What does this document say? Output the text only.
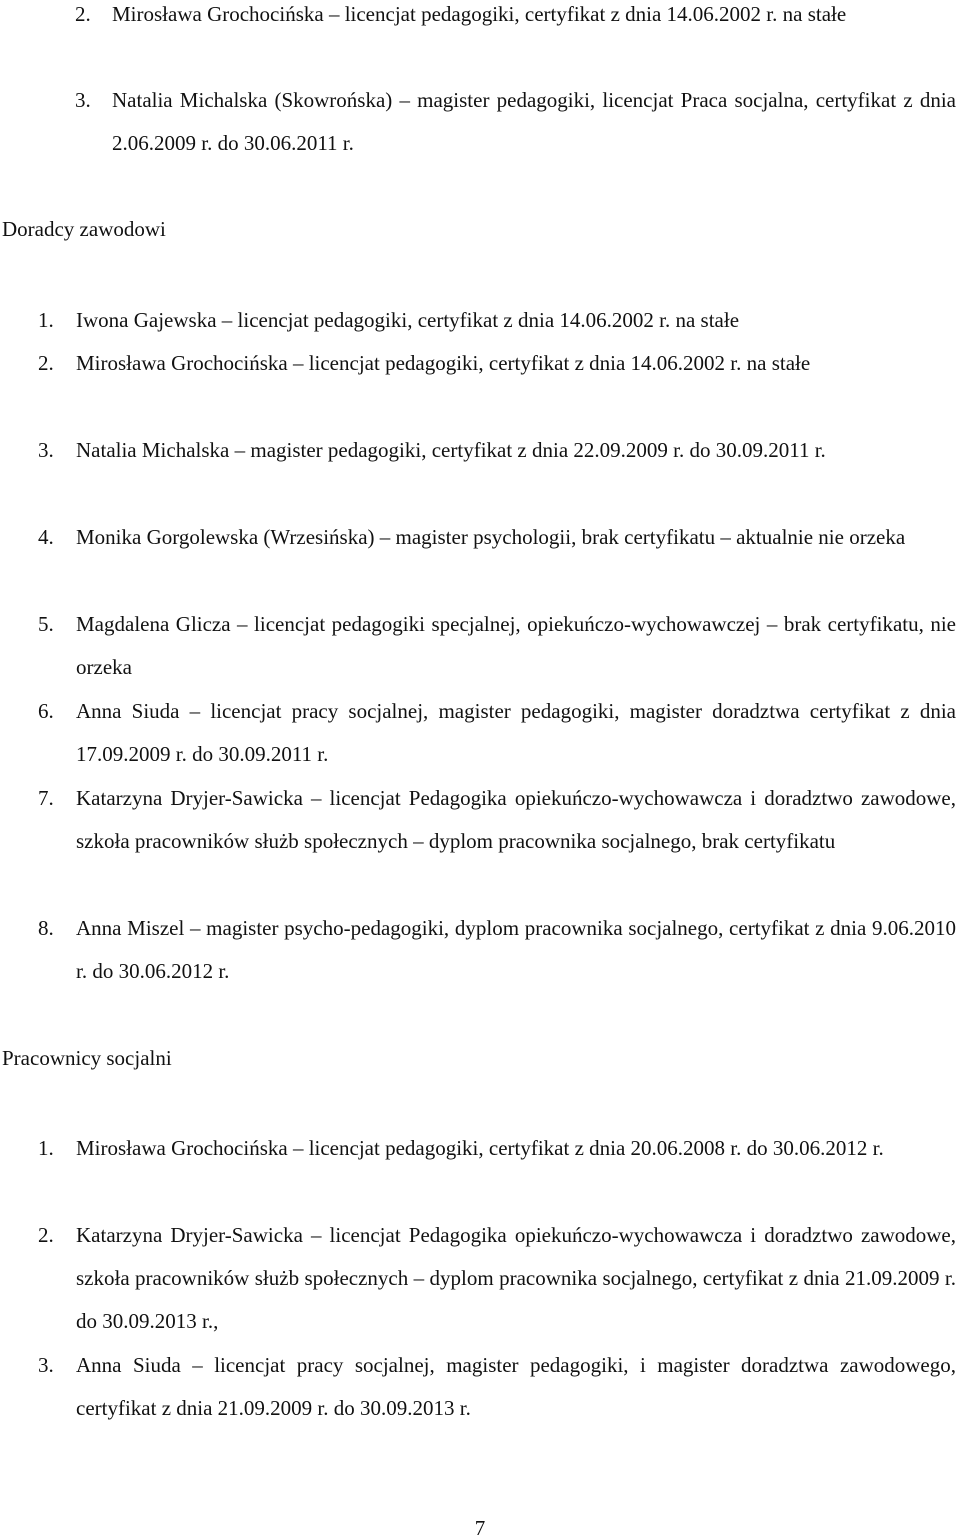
2. Mirosława Grochocińska – licencjat pedagogiki, certyfikat z dnia 14.06.2002 r. na stałe
3. Natalia Michalska (Skowrońska) – magister pedagogiki, licencjat Praca socjalna, certyfikat z dnia 2.06.2009 r. do 30.06.2011 r.
Doradcy zawodowi
1. Iwona Gajewska – licencjat pedagogiki, certyfikat z dnia 14.06.2002 r. na stałe
2. Mirosława Grochocińska – licencjat pedagogiki, certyfikat z dnia 14.06.2002 r. na stałe
3. Natalia Michalska – magister pedagogiki, certyfikat z dnia 22.09.2009 r. do 30.09.2011 r.
4. Monika Gorgolewska (Wrzesińska) – magister psychologii, brak certyfikatu – aktualnie nie orzeka
5. Magdalena Glicza – licencjat pedagogiki specjalnej, opiekuńczo-wychowawczej – brak certyfikatu, nie orzeka
6. Anna Siuda – licencjat pracy socjalnej, magister pedagogiki, magister doradztwa certyfikat z dnia 17.09.2009 r. do 30.09.2011 r.
7. Katarzyna Dryjer-Sawicka – licencjat Pedagogika opiekuńczo-wychowawcza i doradztwo zawodowe, szkoła pracowników służb społecznych – dyplom pracownika socjalnego, brak certyfikatu
8. Anna Miszel – magister psycho-pedagogiki, dyplom pracownika socjalnego, certyfikat z dnia 9.06.2010 r. do 30.06.2012 r.
Pracownicy socjalni
1. Mirosława Grochocińska – licencjat pedagogiki, certyfikat z dnia 20.06.2008 r. do 30.06.2012 r.
2. Katarzyna Dryjer-Sawicka – licencjat Pedagogika opiekuńczo-wychowawcza i doradztwo zawodowe, szkoła pracowników służb społecznych – dyplom pracownika socjalnego, certyfikat z dnia 21.09.2009 r. do 30.09.2013 r.,
3. Anna Siuda – licencjat pracy socjalnej, magister pedagogiki, i magister doradztwa zawodowego, certyfikat z dnia 21.09.2009 r. do 30.09.2013 r.
7
